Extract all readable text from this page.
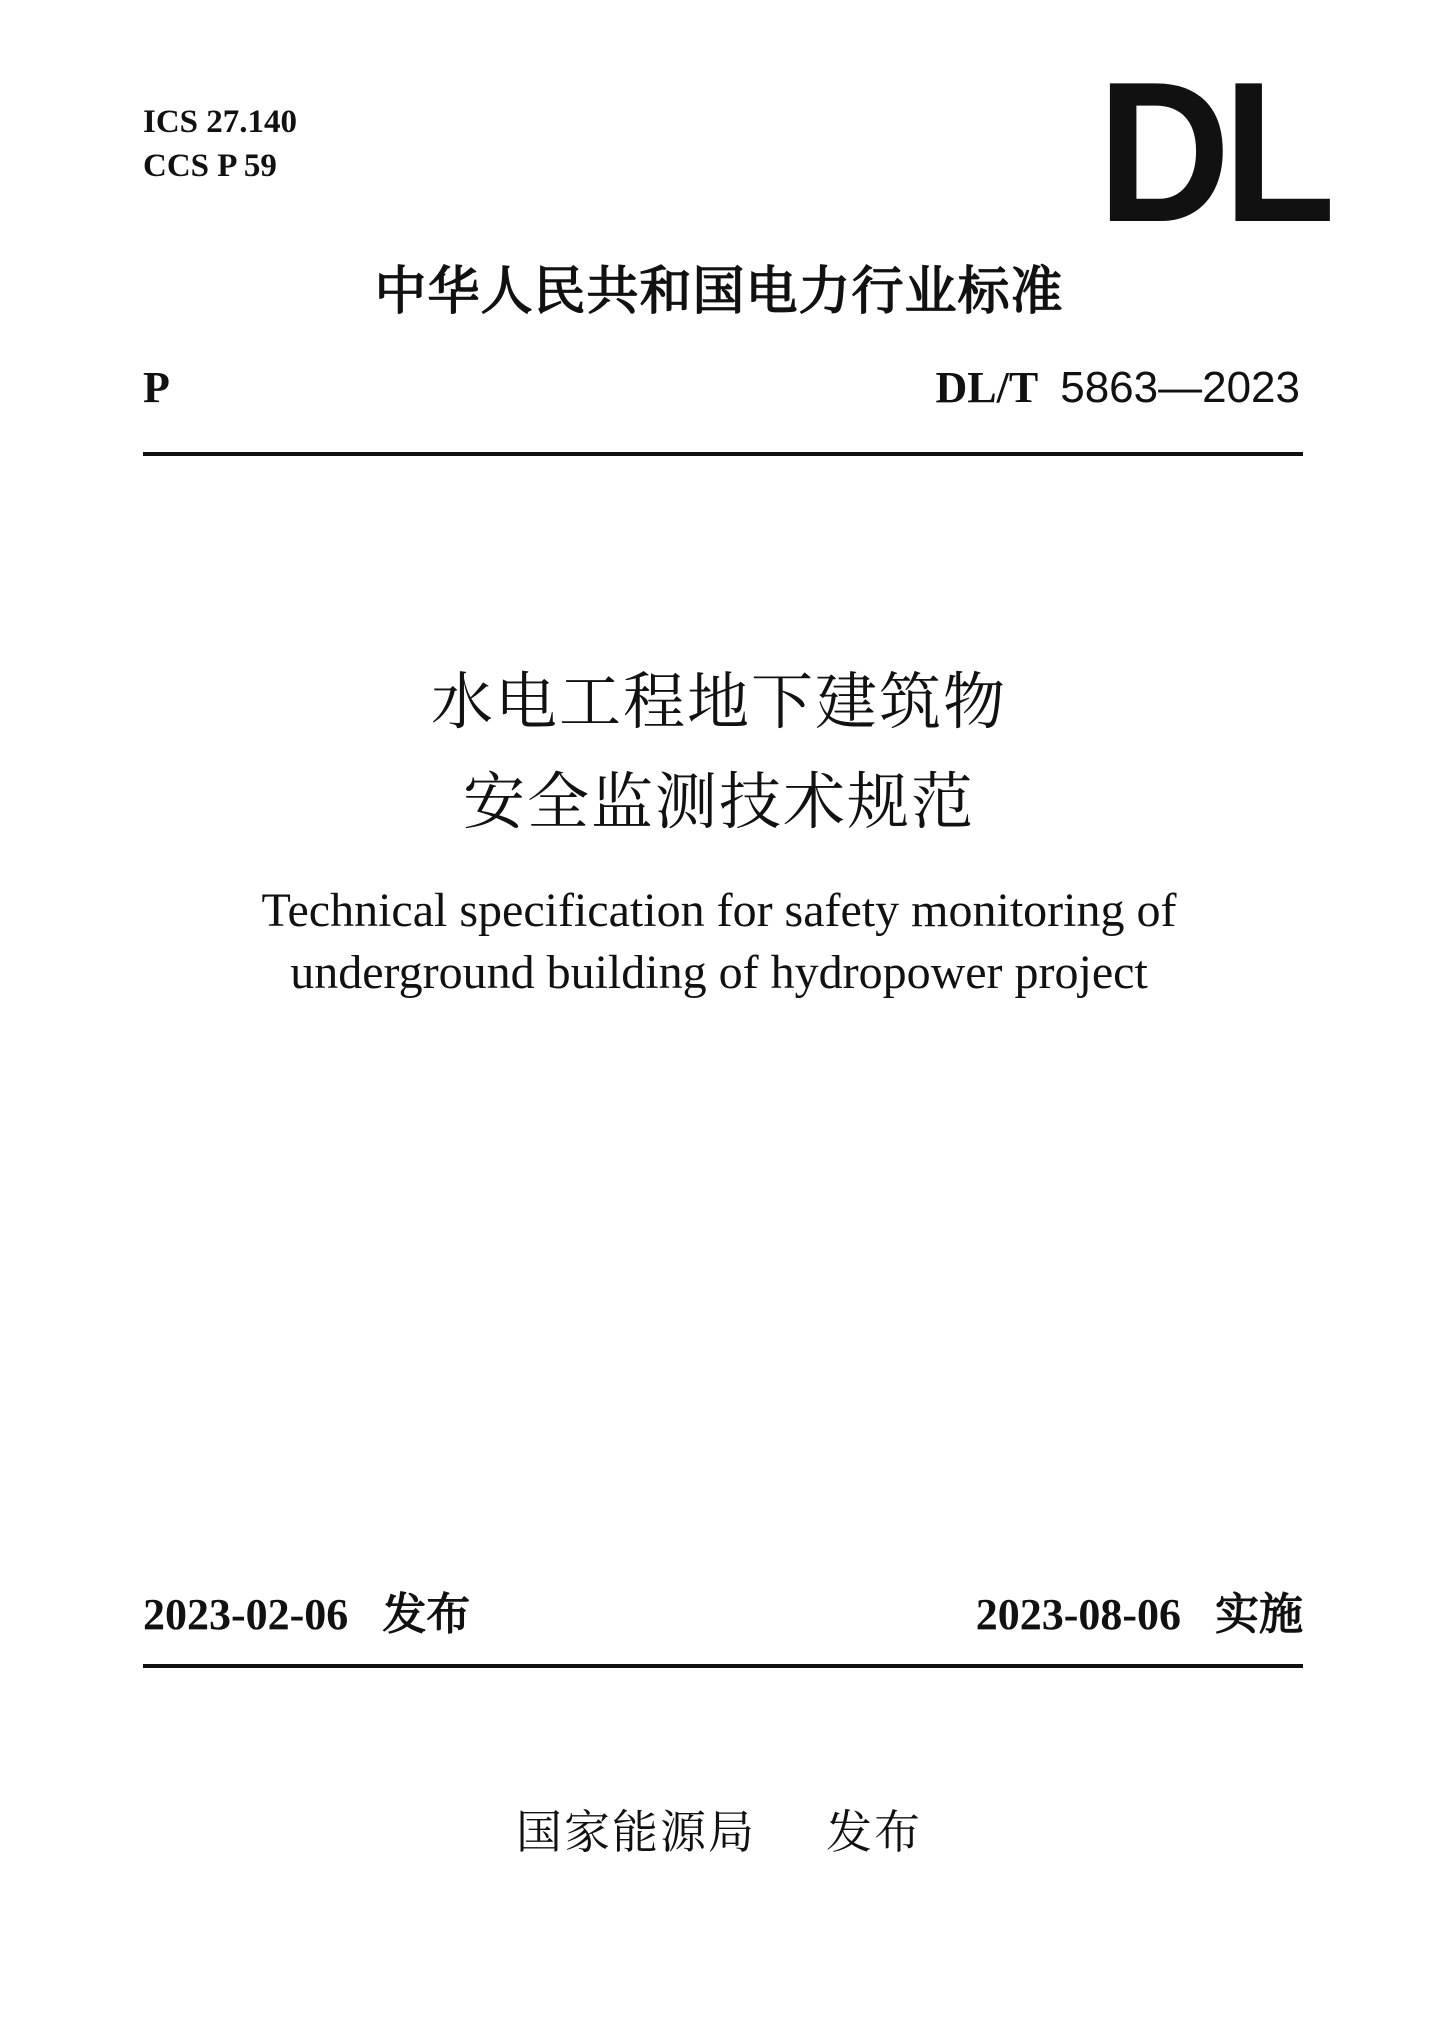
ICS 27.140
CCS P 59	DL
中华人民共和国电力行业标准
P	DL/T 5863—2023
水电工程地下建筑物
安全监测技术规范
Technical specification for safety monitoring of
underground building of hydropower project
2023-02-06 发布	2023-08-06 实施
国家能源局 发布
